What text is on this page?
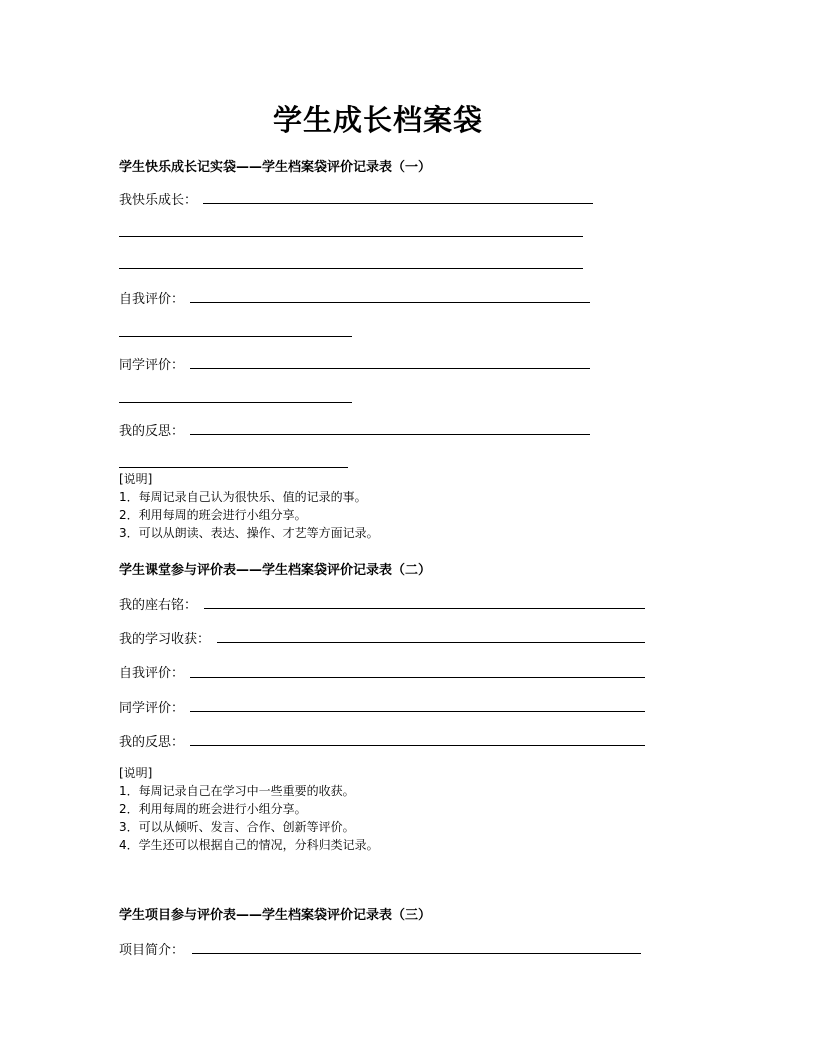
学生成长档案袋
学生快乐成长记实袋——学生档案袋评价记录表（一）
我快乐成长：
自我评价：
同学评价：
我的反思：
[说明]
1．每周记录自己认为很快乐、值的记录的事。
2．利用每周的班会进行小组分享。
3．可以从朗读、表达、操作、才艺等方面记录。
学生课堂参与评价表——学生档案袋评价记录表（二）
我的座右铭：
我的学习收获：
自我评价：
同学评价：
我的反思：
[说明]
1．每周记录自己在学习中一些重要的收获。
2．利用每周的班会进行小组分享。
3．可以从倾听、发言、合作、创新等评价。
4．学生还可以根据自己的情况，分科归类记录。
学生项目参与评价表——学生档案袋评价记录表（三）
项目简介：
